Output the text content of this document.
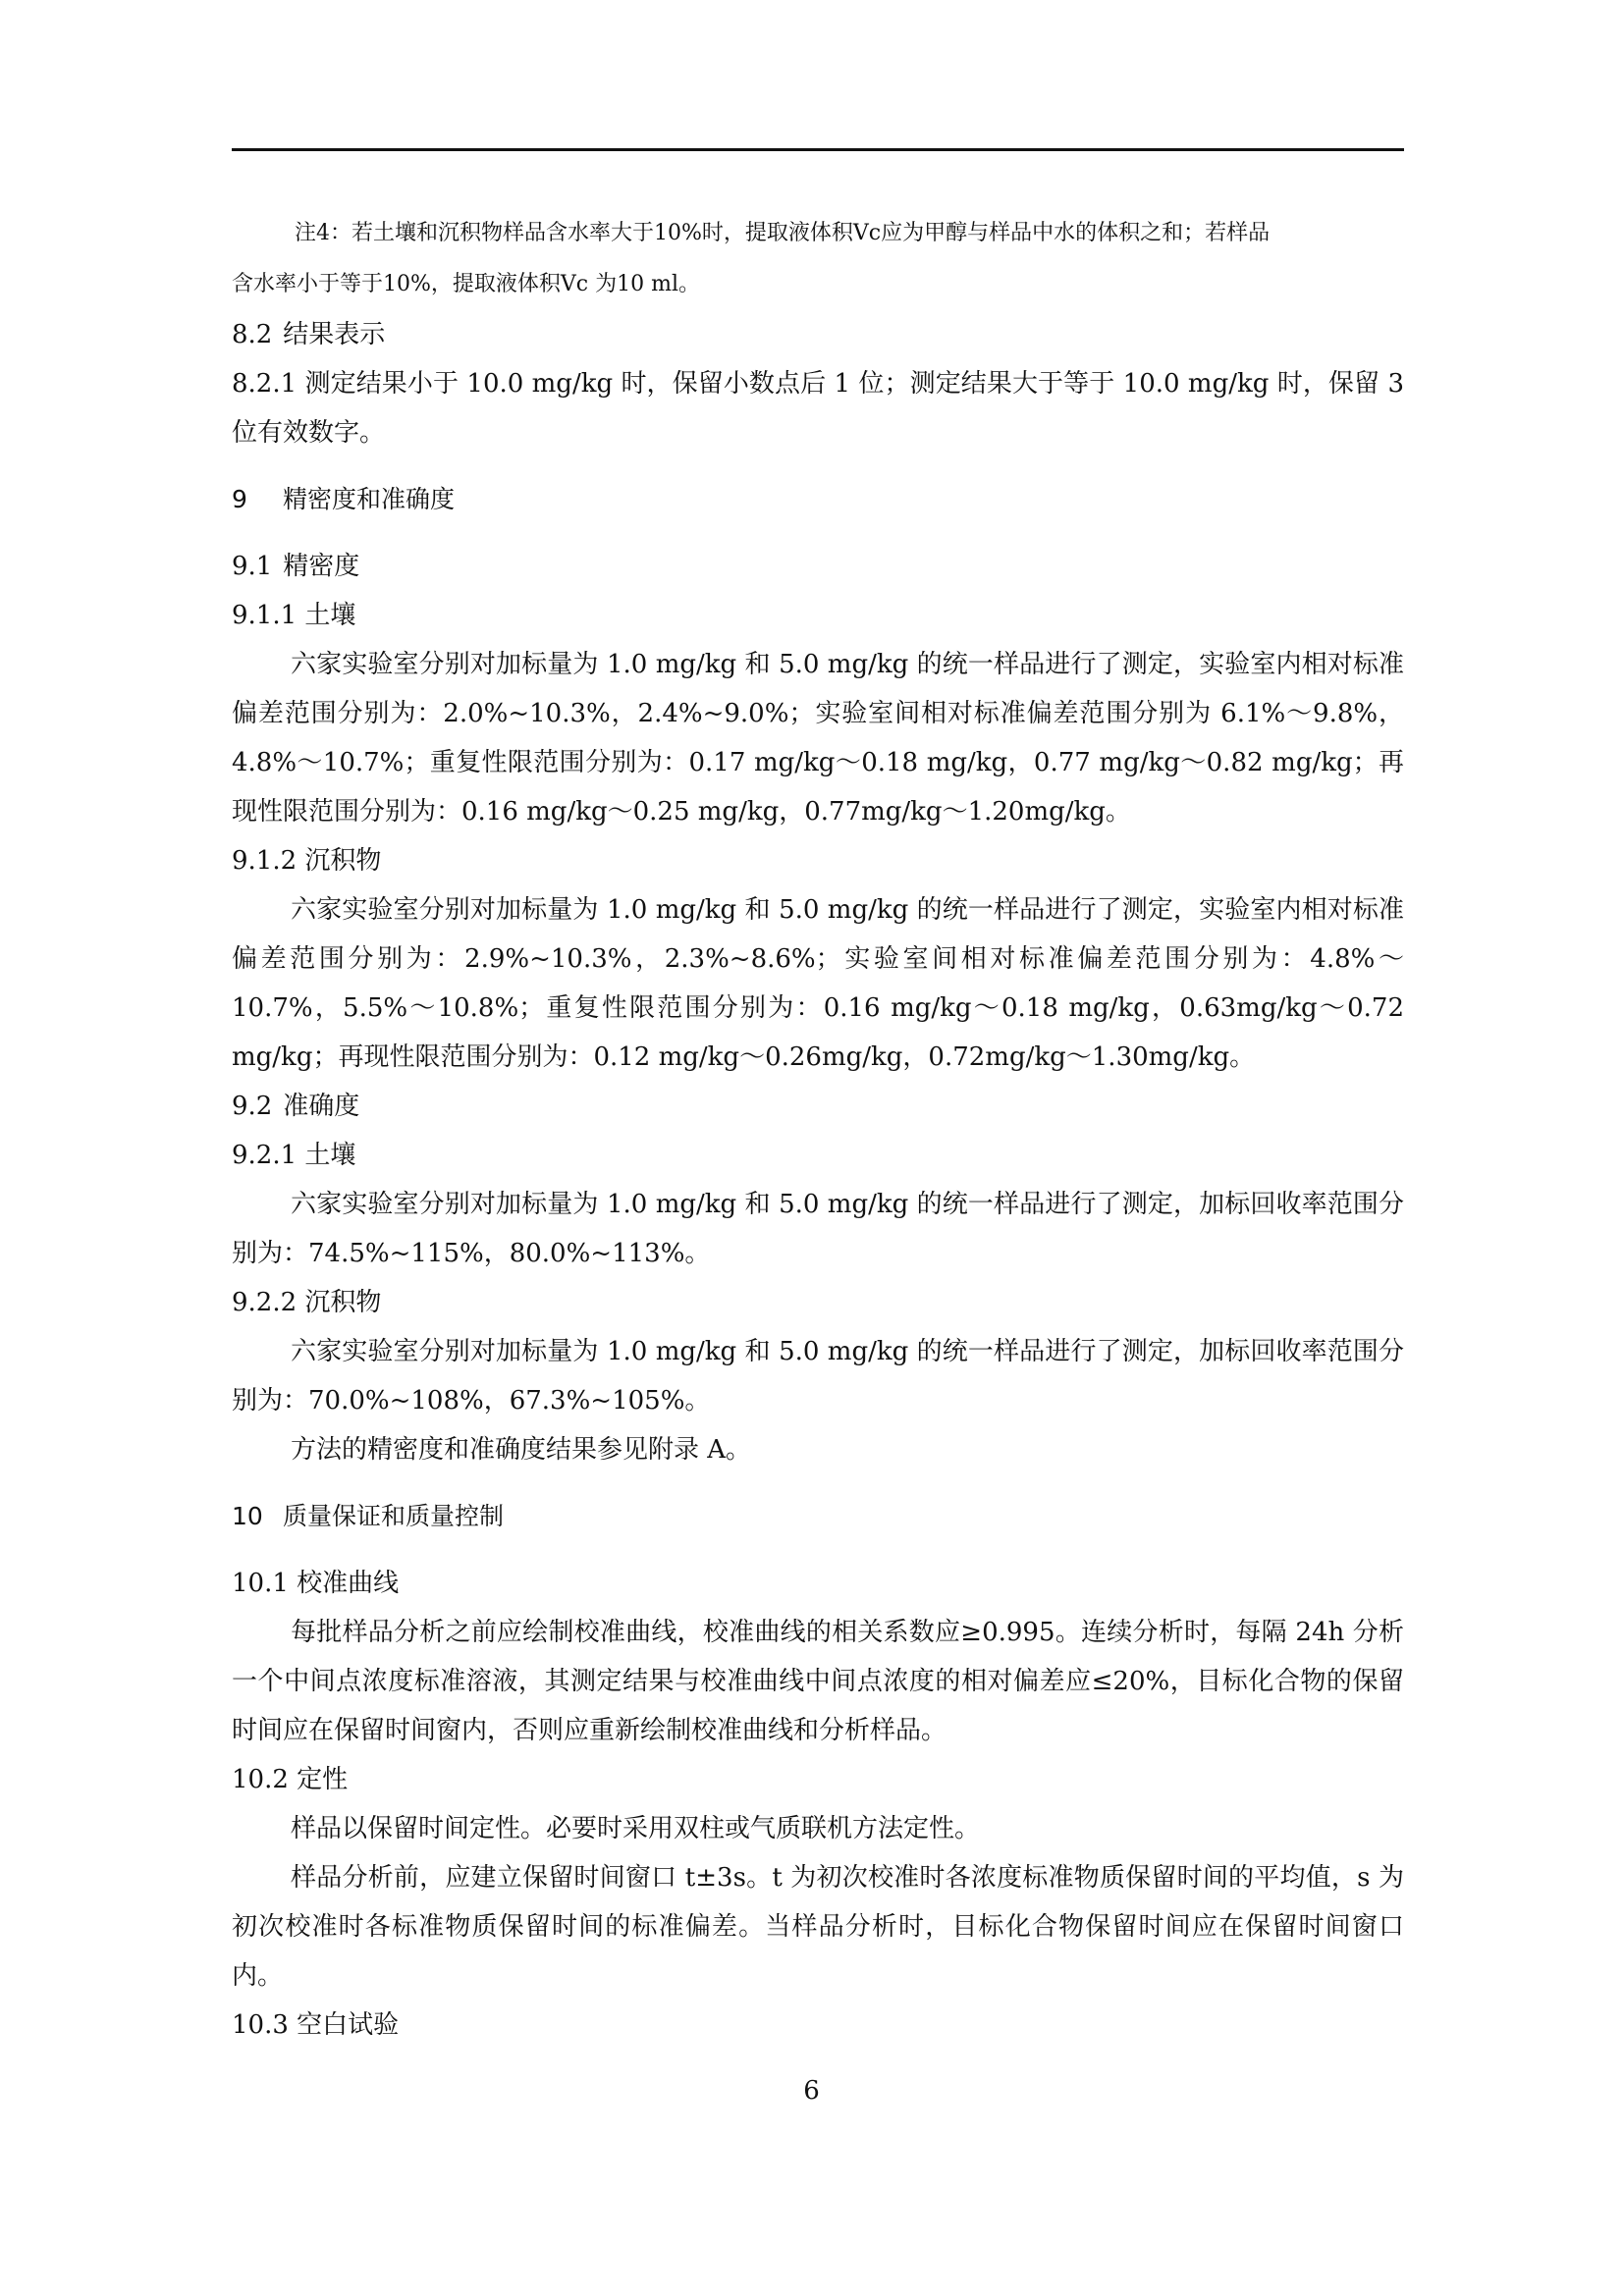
注4：若土壤和沉积物样品含水率大于10%时，提取液体积Vc应为甲醇与样品中水的体积之和；若样品

含水率小于等于10%，提取液体积Vc 为10 ml。

8.2 结果表示

8.2.1 测定结果小于 10.0 mg/kg 时，保留小数点后 1 位；测定结果大于等于 10.0 mg/kg 时，保留 3 位有效数字。

9 精密度和准确度

9.1 精密度

9.1.1 土壤

六家实验室分别对加标量为 1.0 mg/kg 和 5.0 mg/kg 的统一样品进行了测定，实验室内相对标准偏差范围分别为：2.0%~10.3%，2.4%~9.0%；实验室间相对标准偏差范围分别为 6.1%～9.8%，4.8%～10.7%；重复性限范围分别为：0.17 mg/kg～0.18 mg/kg，0.77 mg/kg～0.82 mg/kg；再现性限范围分别为：0.16 mg/kg～0.25 mg/kg，0.77mg/kg～1.20mg/kg。

9.1.2 沉积物

六家实验室分别对加标量为 1.0 mg/kg 和 5.0 mg/kg 的统一样品进行了测定，实验室内相对标准偏差范围分别为：2.9%~10.3%，2.3%~8.6%；实验室间相对标准偏差范围分别为：4.8%～10.7%，5.5%～10.8%；重复性限范围分别为：0.16 mg/kg～0.18 mg/kg，0.63mg/kg～0.72 mg/kg；再现性限范围分别为：0.12 mg/kg～0.26mg/kg，0.72mg/kg～1.30mg/kg。

9.2 准确度

9.2.1 土壤

六家实验室分别对加标量为 1.0 mg/kg 和 5.0 mg/kg 的统一样品进行了测定，加标回收率范围分别为：74.5%~115%，80.0%~113%。

9.2.2 沉积物

六家实验室分别对加标量为 1.0 mg/kg 和 5.0 mg/kg 的统一样品进行了测定，加标回收率范围分别为：70.0%~108%，67.3%~105%。

方法的精密度和准确度结果参见附录 A。

10 质量保证和质量控制

10.1 校准曲线

每批样品分析之前应绘制校准曲线，校准曲线的相关系数应≥0.995。连续分析时，每隔 24h 分析一个中间点浓度标准溶液，其测定结果与校准曲线中间点浓度的相对偏差应≤20%，目标化合物的保留时间应在保留时间窗内，否则应重新绘制校准曲线和分析样品。

10.2 定性

样品以保留时间定性。必要时采用双柱或气质联机方法定性。

样品分析前，应建立保留时间窗口 t±3s。t 为初次校准时各浓度标准物质保留时间的平均值，s 为初次校准时各标准物质保留时间的标准偏差。当样品分析时，目标化合物保留时间应在保留时间窗口内。

10.3 空白试验

6
